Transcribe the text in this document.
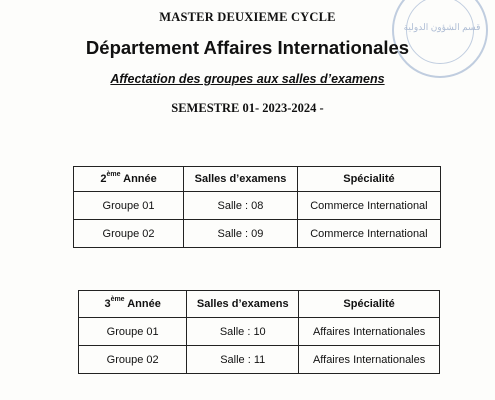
قسم الشؤون الدولية
MASTER DEUXIEME CYCLE
Département Affaires Internationales
Affectation des groupes aux salles d’examens
SEMESTRE 01- 2023-2024 -
2ème Année	Salles d’examens	Spécialité
Groupe 01	Salle : 08	Commerce International
Groupe 02	Salle : 09	Commerce International
3ème Année	Salles d’examens	Spécialité
Groupe 01	Salle : 10	Affaires Internationales
Groupe 02	Salle : 11	Affaires Internationales
